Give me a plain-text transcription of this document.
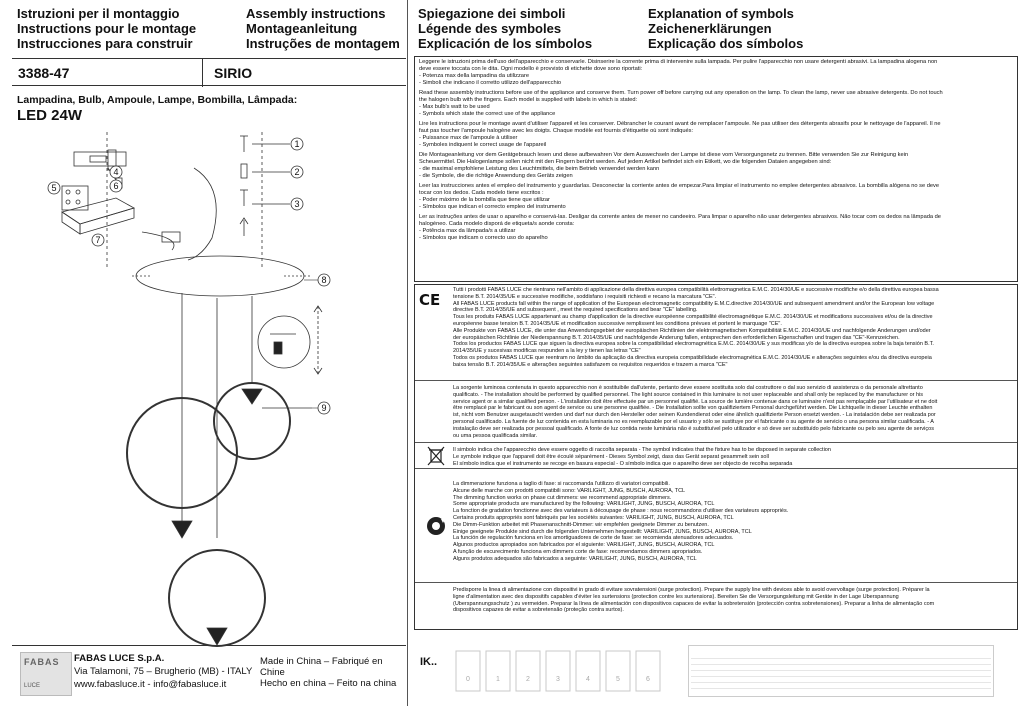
Istruzioni per il montaggio
Instructions pour le montage
Instrucciones para construir
Assembly instructions
Montageanleitung
Instruções de montagem
3388-47	SIRIO
Lampadina, Bulb, Ampoule, Lampe, Bombilla, Lâmpada:
LED 24W
1
2
3
4
5	6
7
8
9
FABAS
LUCE
FABAS LUCE S.p.A.
Via Talamoni, 75 – Brugherio (MB) - ITALY
www.fabasluce.it - info@fabasluce.it
Made in China – Fabriqué en Chine
Hecho en china – Feito na china
Spiegazione dei simboli
Légende des symboles
Explicación de los símbolos
Explanation of symbols
Zeichenerklärungen
Explicação dos símbolos
Leggere le istruzioni prima dell'uso dell'apparecchio e conservarle. Disinserire la corrente prima di intervenire sulla lampada. Per pulire l'apparecchio non usare detergenti abrasivi. La lampadina alogena non
deve essere toccata con le dita. Ogni modello è provvisto di etichette dove sono riportati:
- Potenza max della lampadina da utilizzare
- Simboli che indicano il corretto utilizzo dell'apparecchio
Read these assembly instructions before use of the appliance and conserve them. Turn power off before carrying out any operation on the lamp. To clean the lamp, never use abrasive detergents. Do not touch
the halogen bulb with the fingers. Each model is supplied with labels in which is stated:
- Max bulb's watt to be used
- Symbols which state the correct use of the appliance
Lire les instructions pour le montage avant d'utiliser l'appareil et les conserver. Débrancher le courant avant de remplacer l'ampoule. Ne pas utiliser des détergents abrasifs pour le nettoyage de l'appareil. Il ne
faut pas toucher l'ampoule halogène avec les doigts. Chaque modèle est fournis d'étiquette où sont indiqués:
- Puissance max de l'ampoule à utiliser
- Symboles indiquent le correct usage de l'appareil
Die Montageanleitung vor dem Gerätgebrauch lesen und diese aufbewahren Vor dem Auswechseln der Lampe ist diese vom Versorgungsnetz zu trennen. Bitte verwenden Sie zur Reinigung kein
Scheuermittel. Die Halogenlampe sollen nicht mit den Fingern berührt werden. Auf jedem Artikel befindet sich ein Etikett, wo die folgenden Dataien angegeben sind:
- die maximal empfohlene Leistung des Leuchtmittels, die beim Betrieb verwendet werden kann
- die Symbole, die die richtige Anwendung des Geräts zeigen
Leer las instrucciones antes el empleo del instrumento y guardarlas. Desconectar la corriente antes de empezar.Para limpiar el instrumento no emplee detergentes abrasivos. La bombilla alógena no se deve
tocar con los dedos. Cada modelo tiene escritos :
- Poder máximo de la bombilla que tiene que utilizar
- Símbolos que indican el correcto empleo del instrumento
Ler as instruções antes de usar o aparelho e conservá-las. Desligar da corrente antes de mexer no candeeiro. Para limpar o aparelho não usar detergentes abrasivos. Não tocar com os dedos na lâmpada de
halogéneo. Cada modelo disporá de etiqueta/s aonde consta:
- Potência max da lâmpada/s a utilizar
- Símbolos que indicam o correcto uso do aparelho
CE
Tutti i prodotti FABAS LUCE che rientrano nell'ambito di applicazione della direttiva europea compatibilità elettromagnetica E.M.C. 2014/30/UE e successive modifiche e/o della direttiva europea bassa
tensione B.T. 2014/35/UE e successive modifiche, soddisfano i requisiti richiesti e recano la marcatura "CE".
All FABAS LUCE products fall within the range of application of the European electromagnetic compatibility E.M.C.directive 2014/30/UE and subsequent amendment and/or the European low voltage
directive B.T. 2014/35/UE and subsequent , meet the required specifications and bear "CE" labelling.
Tous les produits FABAS LUCE appartenant au champ d'application de la directive européenne compatibilité électromagnétique E.M.C. 2014/30/UE et modifications successives et/ou de la directive
européenne basse tension B.T. 2014/35/UE et modification successive remplissent les conditions prévues et portent le marquage "CE".
Alle Produkte von FABAS LUCE, die unter das Anwendungsgebiet der europäischen Richtlinien der elektromagnetischen Kompatibilität E.M.C. 2014/30/UE und nachfolgende Änderungen und/oder
der europäischen Richtlinie der Niederspannung B.T. 2014/35/UE und nachfolgende Änderung fallen, entsprechen den erforderlichen Eigenschaften und tragen das "CE"-Kennzeichen.
Todos los productos FABAS LUCE que siguen la directiva europea sobre la compatibilidad electromagnética E.M.C. 2014/30/UE y sus modificas y/o de la directiva europea sobre la baja tensión B.T.
2014/35/UE y sucesivas modificas respunden a la ley y tienen las letras "CE"
Todos os produtos FABAS LUCE que reentram no âmbito da aplicação da directiva europeia compatibilidade electromagnética E.M.C. 2014/30/UE e alterações seguintes e/ou da directiva europeia
baixa tensão B.T. 2014/35/UE e alterações seguintes satisfazem os requisitos requeridos e trazem a marca "CE"
La sorgente luminosa contenuta in questo apparecchio non è sostituibile dall'utente, pertanto deve essere sostituita solo dal costruttore o dal suo servizio di assistenza o da personale altrettanto
qualificato. - The installation should be performed by qualified personnel. The light source contained in this luminaire is not user replaceable and shall only be replaced by the manufacturer or his
service agent or a similar qualified person. - L'installation doit être effectuée par un personnel qualifié. La source de lumière contenue dans ce luminaire n'est pas remplaçable par l'utilisateur et ne doit
être remplacé par le fabricant ou son agent de service ou une personne qualifiée. - Die Installation sollte von qualifiziertem Personal durchgeführt werden. Die Lichtquelle in dieser Leuchte enthalten
ist, nicht vom Benutzer ausgetauscht werden und darf nur durch den Hersteller oder seinen Kundendienst oder eine ähnlich qualifizierte Person ersetzt werden. - La instalación debe ser realizada por
personal cualificado. La fuente de luz contenida en esta luminaria no es reemplazable por el usuario y sólo se sustituye por el fabricante o su agente de servicio o una persona similar cualificada. - A
instalação deve ser realizada por pessoal qualificado. A fonte de luz contida neste luminária não é substituível pelo utilizador e só deve ser substituído pelo fabricante ou pelo seu agente de serviços
ou uma pessoa qualificada similar.
Il simbolo indica che l'apparecchio deve essere oggetto di raccolta separata - The symbol indicates that the fixture has to be disposed in separate collection
Le symbole indique que l'appareil doit être écoulé séparément - Dieses Symbol zeigt, dass das Gerät separat gesammelt sein soll
El símbolo indica que el instrumento se recoge en basura especial - O símbolo indica que o aparelho deve ser objecto de recolha separada
La dimmerazione funziona a taglio di fase: si raccomanda l'utilizzo di variatori compatibili.
Alcune delle marche con prodotti compatibili sono: VARILIGHT, JUNG, BUSCH, AURORA, TCL
The dimming function works on phase cut dimmers: we recommend appropriate dimmers.
Some appropriate products are manufactured by the following: VARILIGHT, JUNG, BUSCH, AURORA, TCL
La fonction de gradation fonctionne avec des variateurs à découpage de phase : nous recommandons d'utiliser des variateurs appropriés.
Certains produits appropriés sont fabriqués par les sociétés suivantes: VARILIGHT, JUNG, BUSCH, AURORA, TCL
Die Dimm-Funktion arbeitet mit Phasenanschnitt-Dimmer: wir empfehlen geeignete Dimmer zu benutzen.
Einige geeignete Produkte sind durch die folgenden Unternehmen hergestellt: VARILIGHT, JUNG, BUSCH, AURORA, TCL
La función de regulación funciona en los amortiguadores de corte de fase: se recomienda atenuadores adecuados.
Algunos productos apropiados son fabricados por el siguiente: VARILIGHT, JUNG, BUSCH, AURORA, TCL
A função de escurecimento funciona em dimmers corte de fase: recomendamos dimmers apropriados.
Alguns produtos adequados são fabricados a seguinte: VARILIGHT, JUNG, BUSCH, AURORA, TCL
Predisporre la linea di alimentazione con dispositivi in grado di evitare sovratensioni (surge protection). Prepare the supply line with devices able to avoid overvoltage (surge protection). Préparer la
ligne d'alimentation avec des dispositifs capables d'éviter les surtensions (protection contre les surtensions). Bereiten Sie die Versorgungsleitung mit Geräte in der Lage Überspannung
(Überspannungsschutz ) zu vermeiden. Preparar la línea de alimentación con dispositivos capaces de evitar la sobretensión (protección contra sobretensiones). Preparar a linha de alimentação com
dispositivos capazes de evitar a sobretensão (proteção contra surtos).
IK..
0	1	2	3	4	5	6
